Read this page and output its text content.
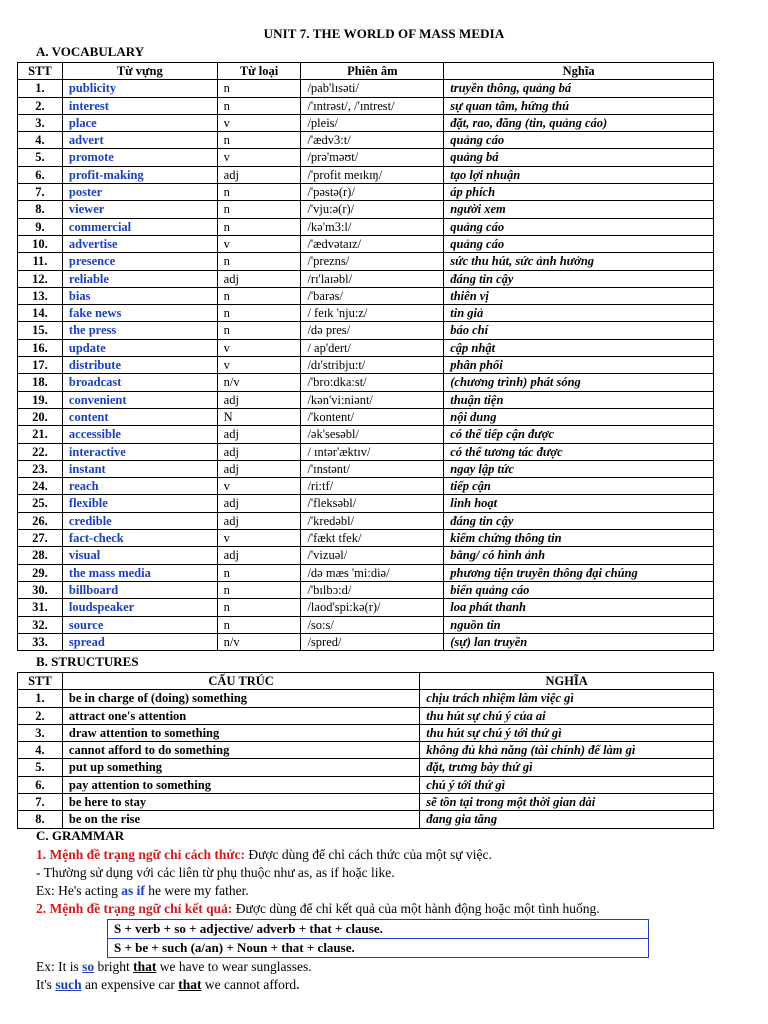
UNIT 7. THE WORLD OF MASS MEDIA
A. VOCABULARY
STT	Từ vựng	Từ loại	Phiên âm	Nghĩa
1.	publicity	n	/pab'lɪsəti/	truyền thông, quảng bá
2.	interest	n	/'ɪntrəst/, /'ɪntrest/	sự quan tâm, hứng thú
3.	place	v	/pleis/	đặt, rao, đăng (tin, quảng cáo)
4.	advert	n	/'ædv3:t/	quảng cáo
5.	promote	v	/prə'məʊt/	quảng bá
6.	profit-making	adj	/'profit meɪkɪŋ/	tạo lợi nhuận
7.	poster	n	/'pəstə(r)/	áp phích
8.	viewer	n	/'vju:ə(r)/	người xem
9.	commercial	n	/kə'm3:l/	quảng cáo
10.	advertise	v	/'ædvətaɪz/	quảng cáo
11.	presence	n	/'prezns/	sức thu hút, sức ảnh hưởng
12.	reliable	adj	/rɪ'laɪəbl/	đáng tin cậy
13.	bias	n	/'barəs/	thiên vị
14.	fake news	n	/ feɪk 'nju:z/	tin giả
15.	the press	n	/də pres/	báo chí
16.	update	v	/ ap'dert/	cập nhật
17.	distribute	v	/dɪ'stribju:t/	phân phối
18.	broadcast	n/v	/'bro:dka:st/	(chương trình) phát sóng
19.	convenient	adj	/kən'vi:niənt/	thuận tiện
20.	content	N	/'kontent/	nội dung
21.	accessible	adj	/ək'sesəbl/	có thể tiếp cận được
22.	interactive	adj	/ ɪntər'æktɪv/	có thể tương tác được
23.	instant	adj	/'ɪnstənt/	ngay lập tức
24.	reach	v	/ri:tf/	tiếp cận
25.	flexible	adj	/'fleksəbl/	linh hoạt
26.	credible	adj	/'kredəbl/	đáng tin cậy
27.	fact-check	v	/'fækt tfek/	kiểm chứng thông tin
28.	visual	adj	/'vizuəl/	bằng/ có hình ảnh
29.	the mass media	n	/də mæs 'mi:diə/	phương tiện truyền thông đại chúng
30.	billboard	n	/'bɪlbɔ:d/	biển quảng cáo
31.	loudspeaker	n	/laod'spi:kə(r)/	loa phát thanh
32.	source	n	/so:s/	nguồn tin
33.	spread	n/v	/spred/	(sự) lan truyền
B. STRUCTURES
STT	CẤU TRÚC	NGHĨA
1.	be in charge of (doing) something	chịu trách nhiệm làm việc gì
2.	attract one's attention	thu hút sự chú ý của ai
3.	draw attention to something	thu hút sự chú ý tới thứ gì
4.	cannot afford to do something	không đủ khả năng (tài chính) để làm gì
5.	put up something	đặt, trưng bày thứ gì
6.	pay attention to something	chú ý tới thứ gì
7.	be here to stay	sẽ tồn tại trong một thời gian dài
8.	be on the rise	đang gia tăng
C. GRAMMAR
1. Mệnh đề trạng ngữ chỉ cách thức: Được dùng để chỉ cách thức của một sự việc.
- Thường sử dụng với các liên từ phụ thuộc như as, as if hoặc like.
Ex: He's acting as if he were my father.
2. Mệnh đề trạng ngữ chỉ kết quả: Được dùng để chỉ kết quả của một hành động hoặc một tình huống.
S + verb + so + adjective/ adverb + that + clause.
S + be + such (a/an) + Noun + that + clause.
Ex: It is so bright that we have to wear sunglasses.
It's such an expensive car that we cannot afford.
